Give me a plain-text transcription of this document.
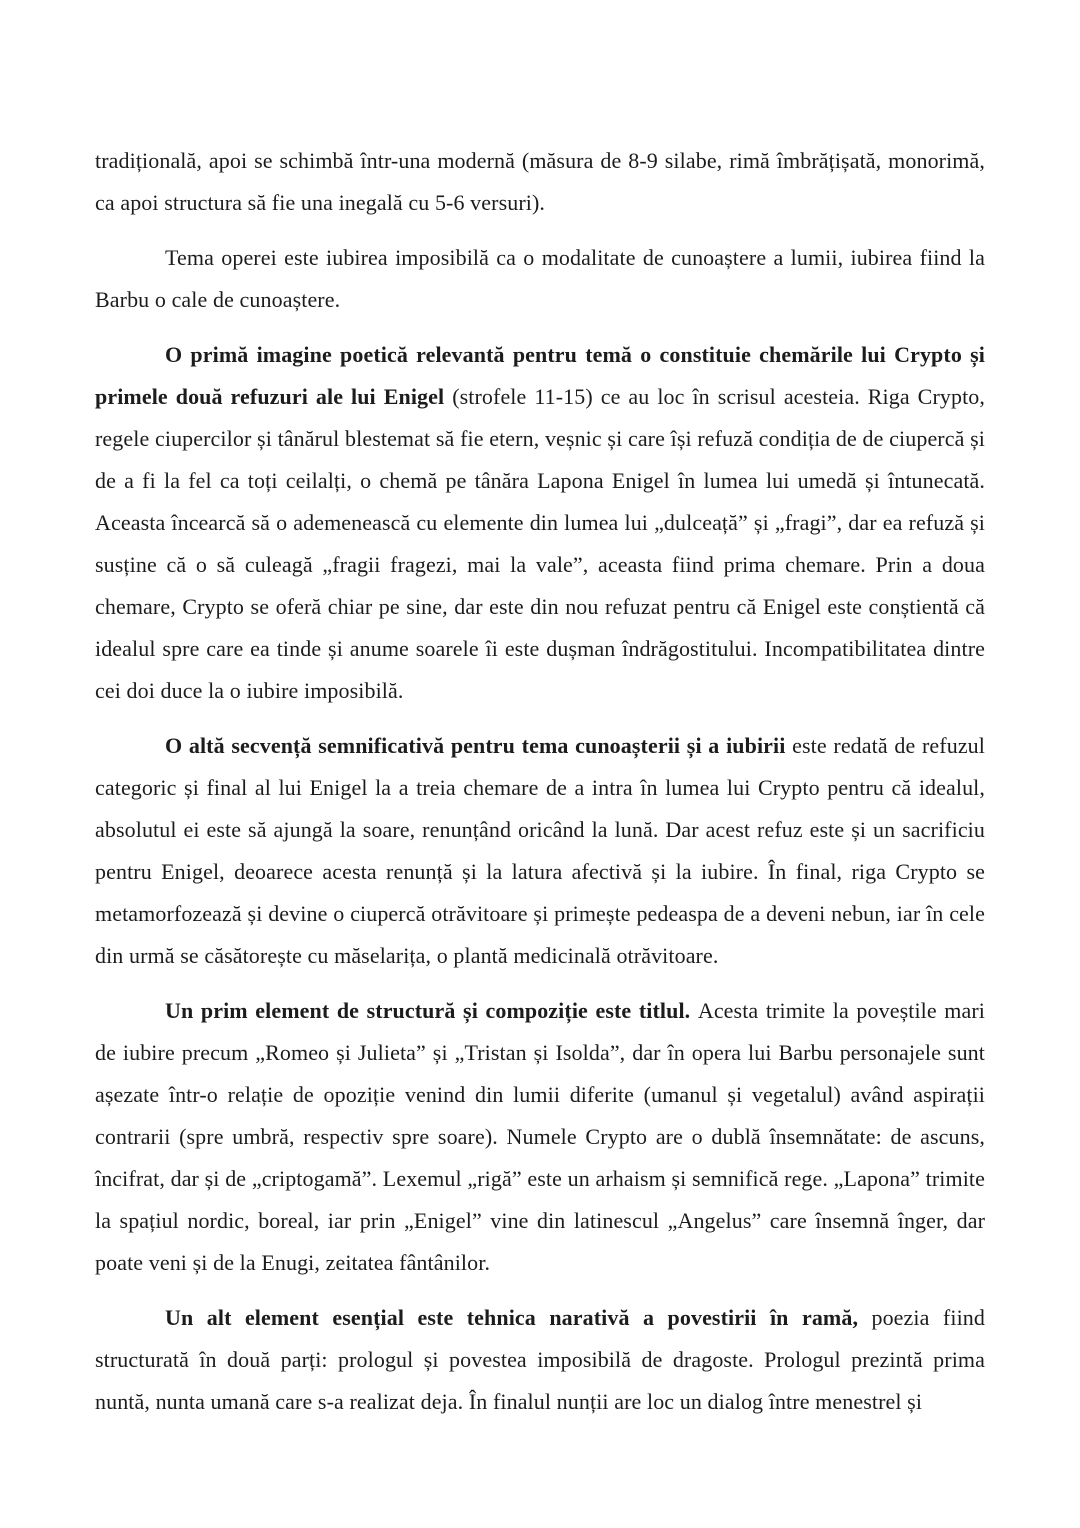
tradițională, apoi se schimbă într-una modernă (măsura de 8-9 silabe, rimă îmbrățișată, monorimă, ca apoi structura să fie una inegală cu 5-6 versuri).

Tema operei este iubirea imposibilă ca o modalitate de cunoaștere a lumii, iubirea fiind la Barbu o cale de cunoaștere.

O primă imagine poetică relevantă pentru temă o constituie chemările lui Crypto și primele două refuzuri ale lui Enigel (strofele 11-15) ce au loc în scrisul acesteia. Riga Crypto, regele ciupercilor și tânărul blestemat să fie etern, veșnic și care își refuză condiția de de ciupercă și de a fi la fel ca toți ceilalți, o chemă pe tânăra Lapona Enigel în lumea lui umedă și întunecată. Aceasta încearcă să o ademenească cu elemente din lumea lui „dulceață” și „fragi”, dar ea refuză și susține că o să culeagă „fragii fragezi, mai la vale”, aceasta fiind prima chemare. Prin a doua chemare, Crypto se oferă chiar pe sine, dar este din nou refuzat pentru că Enigel este conștientă că idealul spre care ea tinde și anume soarele îi este dușman îndrăgostitului. Incompatibilitatea dintre cei doi duce la o iubire imposibilă.

O altă secvență semnificativă pentru tema cunoașterii și a iubirii este redată de refuzul categoric și final al lui Enigel la a treia chemare de a intra în lumea lui Crypto pentru că idealul, absolutul ei este să ajungă la soare, renunțând oricând la lună. Dar acest refuz este și un sacrificiu pentru Enigel, deoarece acesta renunță și la latura afectivă și la iubire. În final, riga Crypto se metamorfozează și devine o ciupercă otrăvitoare și primește pedeaspa de a deveni nebun, iar în cele din urmă se căsătorește cu măselarița, o plantă medicinală otrăvitoare.

Un prim element de structură și compoziție este titlul. Acesta trimite la poveștile mari de iubire precum „Romeo și Julieta” și „Tristan și Isolda”, dar în opera lui Barbu personajele sunt așezate într-o relație de opoziție venind din lumii diferite (umanul și vegetalul) având aspirații contrarii (spre umbră, respectiv spre soare). Numele Crypto are o dublă însemnătate: de ascuns, încifrat, dar și de „criptogamă”. Lexemul „rigă” este un arhaism și semnifică rege. „Lapona” trimite la spațiul nordic, boreal, iar prin „Enigel” vine din latinescul „Angelus” care însemnă înger, dar poate veni și de la Enugi, zeitatea fântânilor.

Un alt element esențial este tehnica narativă a povestirii în ramă, poezia fiind structurată în două parți: prologul și povestea imposibilă de dragoste. Prologul prezintă prima nuntă, nunta umană care s-a realizat deja. În finalul nunții are loc un dialog între menestrel și
